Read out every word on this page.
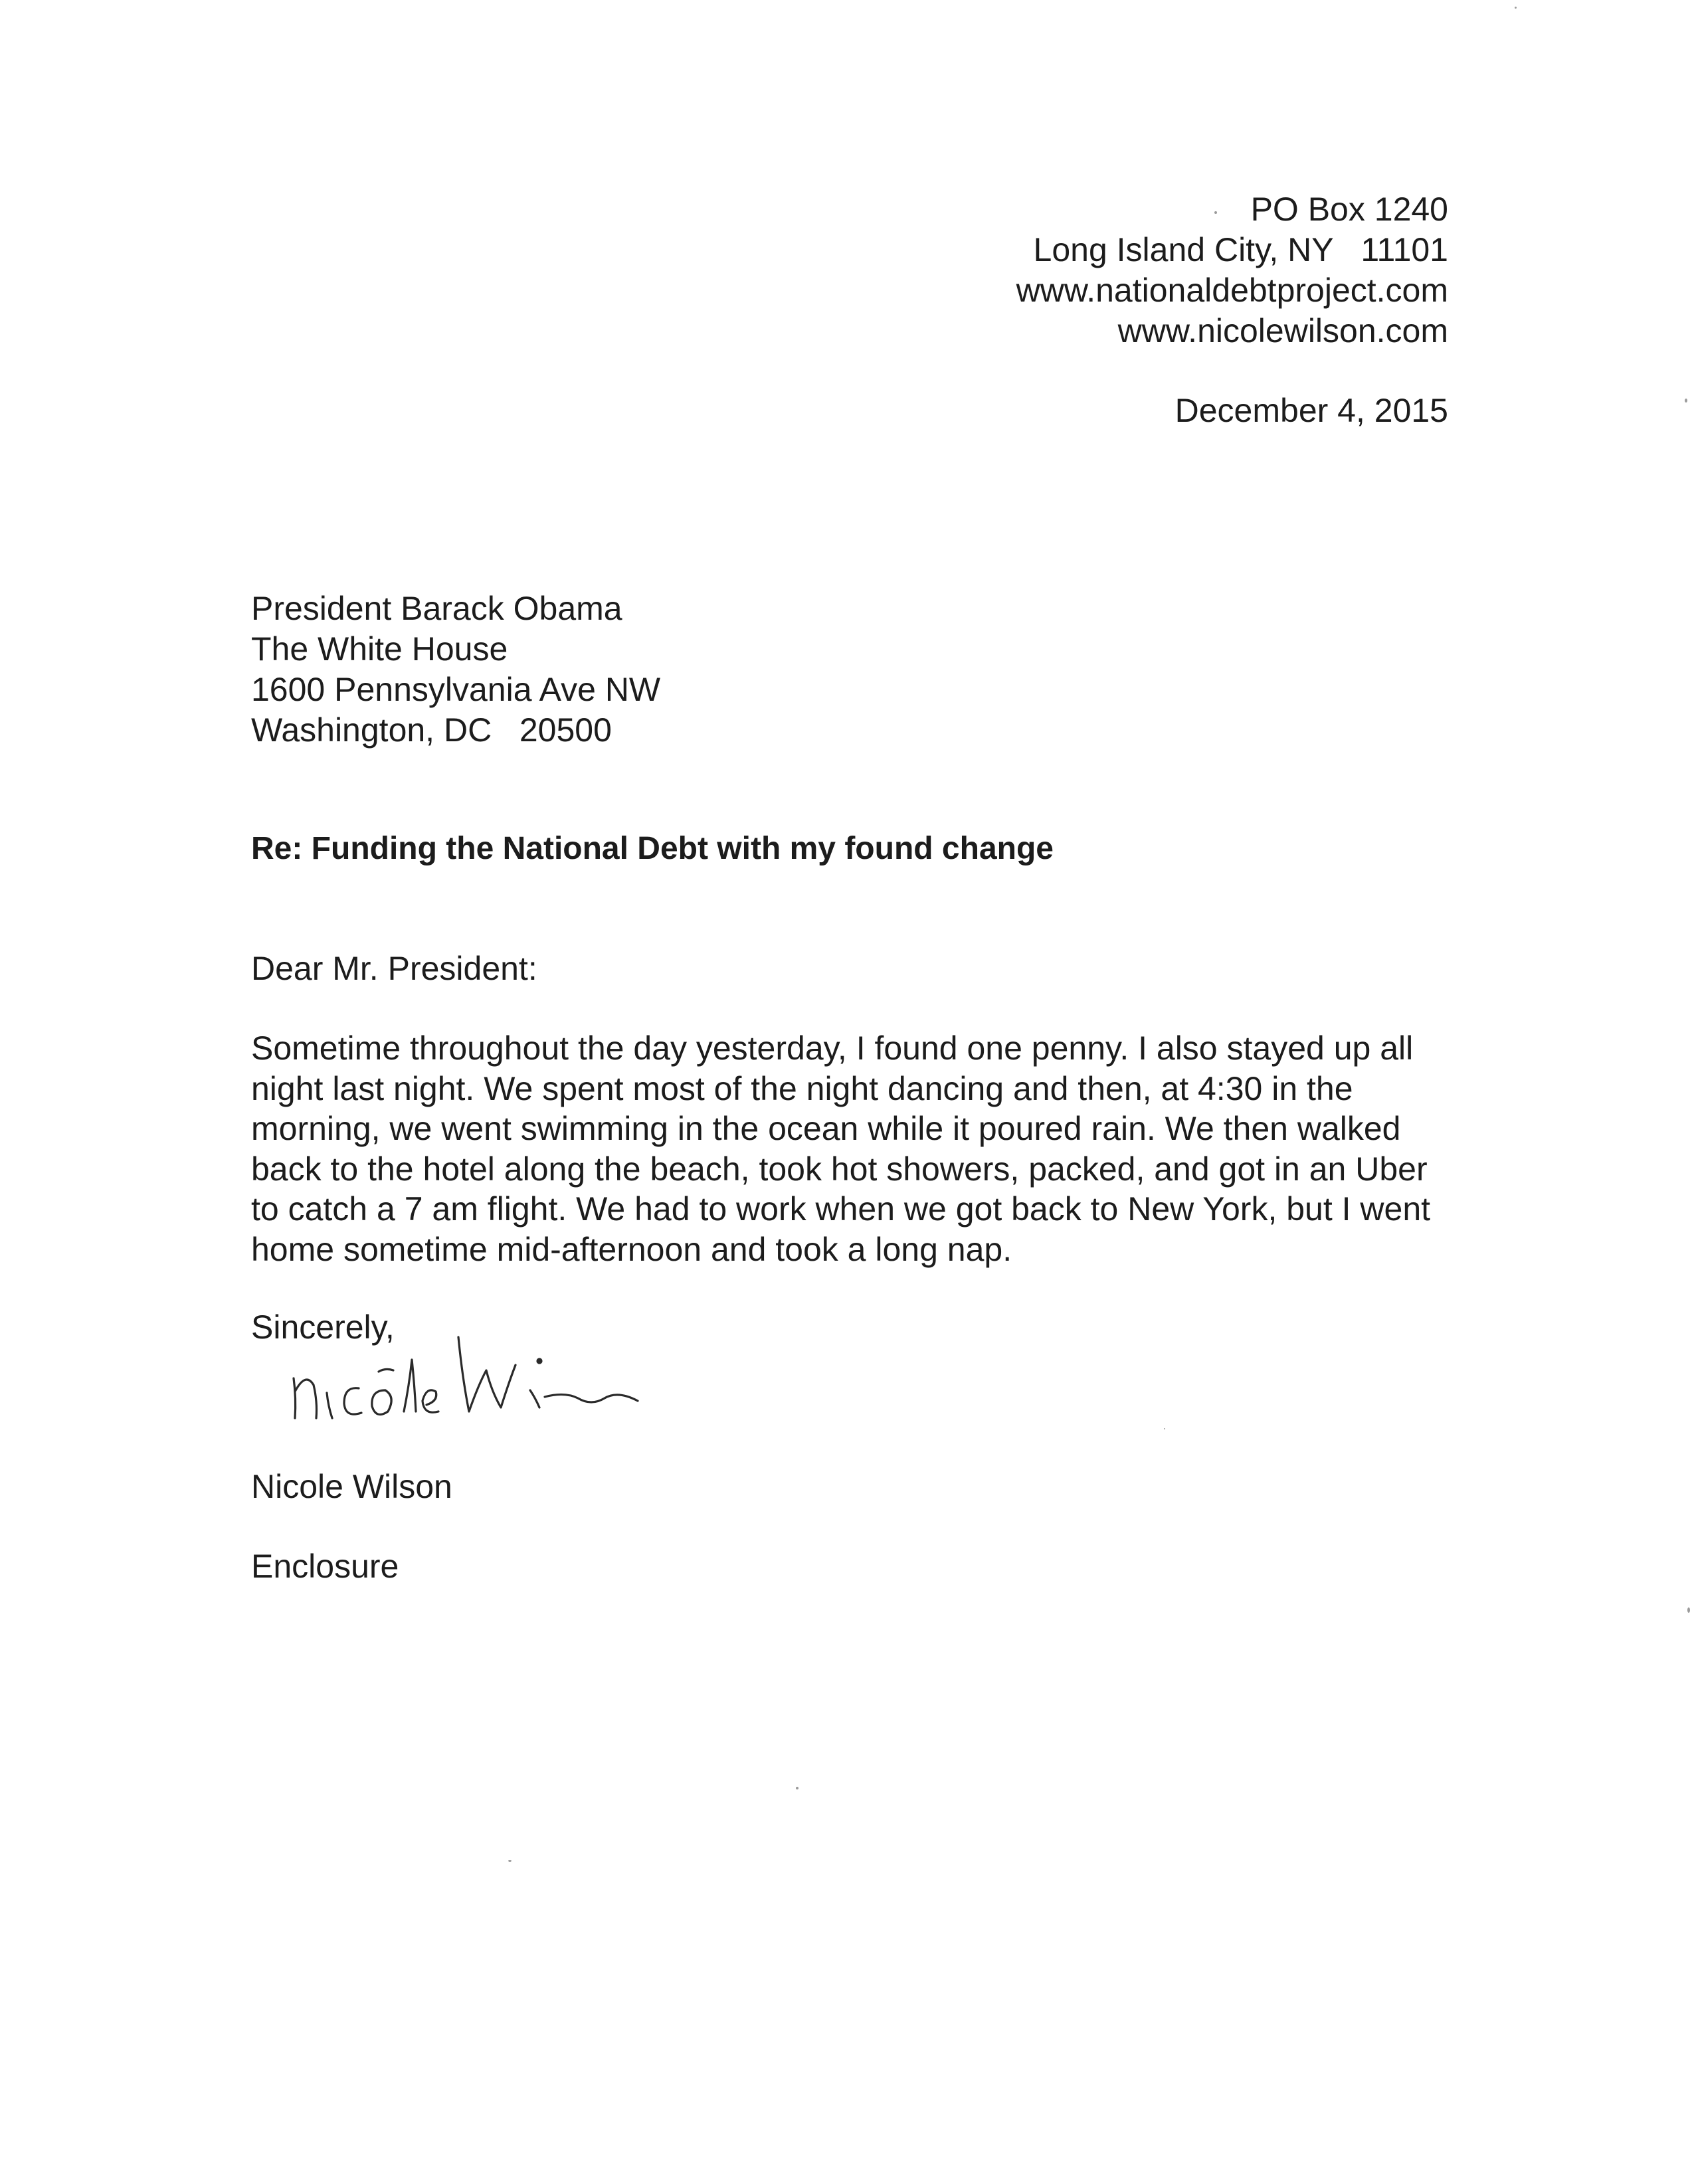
PO Box 1240
Long Island City, NY   11101
www.nationaldebtproject.com
www.nicolewilson.com
December 4, 2015
President Barack Obama
The White House
1600 Pennsylvania Ave NW
Washington, DC   20500
Re: Funding the National Debt with my found change
Dear Mr. President:
Sometime throughout the day yesterday, I found one penny. I also stayed up all
night last night. We spent most of the night dancing and then, at 4:30 in the
morning, we went swimming in the ocean while it poured rain. We then walked
back to the hotel along the beach, took hot showers, packed, and got in an Uber
to catch a 7 am flight. We had to work when we got back to New York, but I went
home sometime mid-afternoon and took a long nap.
Sincerely,
Nicole Wilson
Enclosure
